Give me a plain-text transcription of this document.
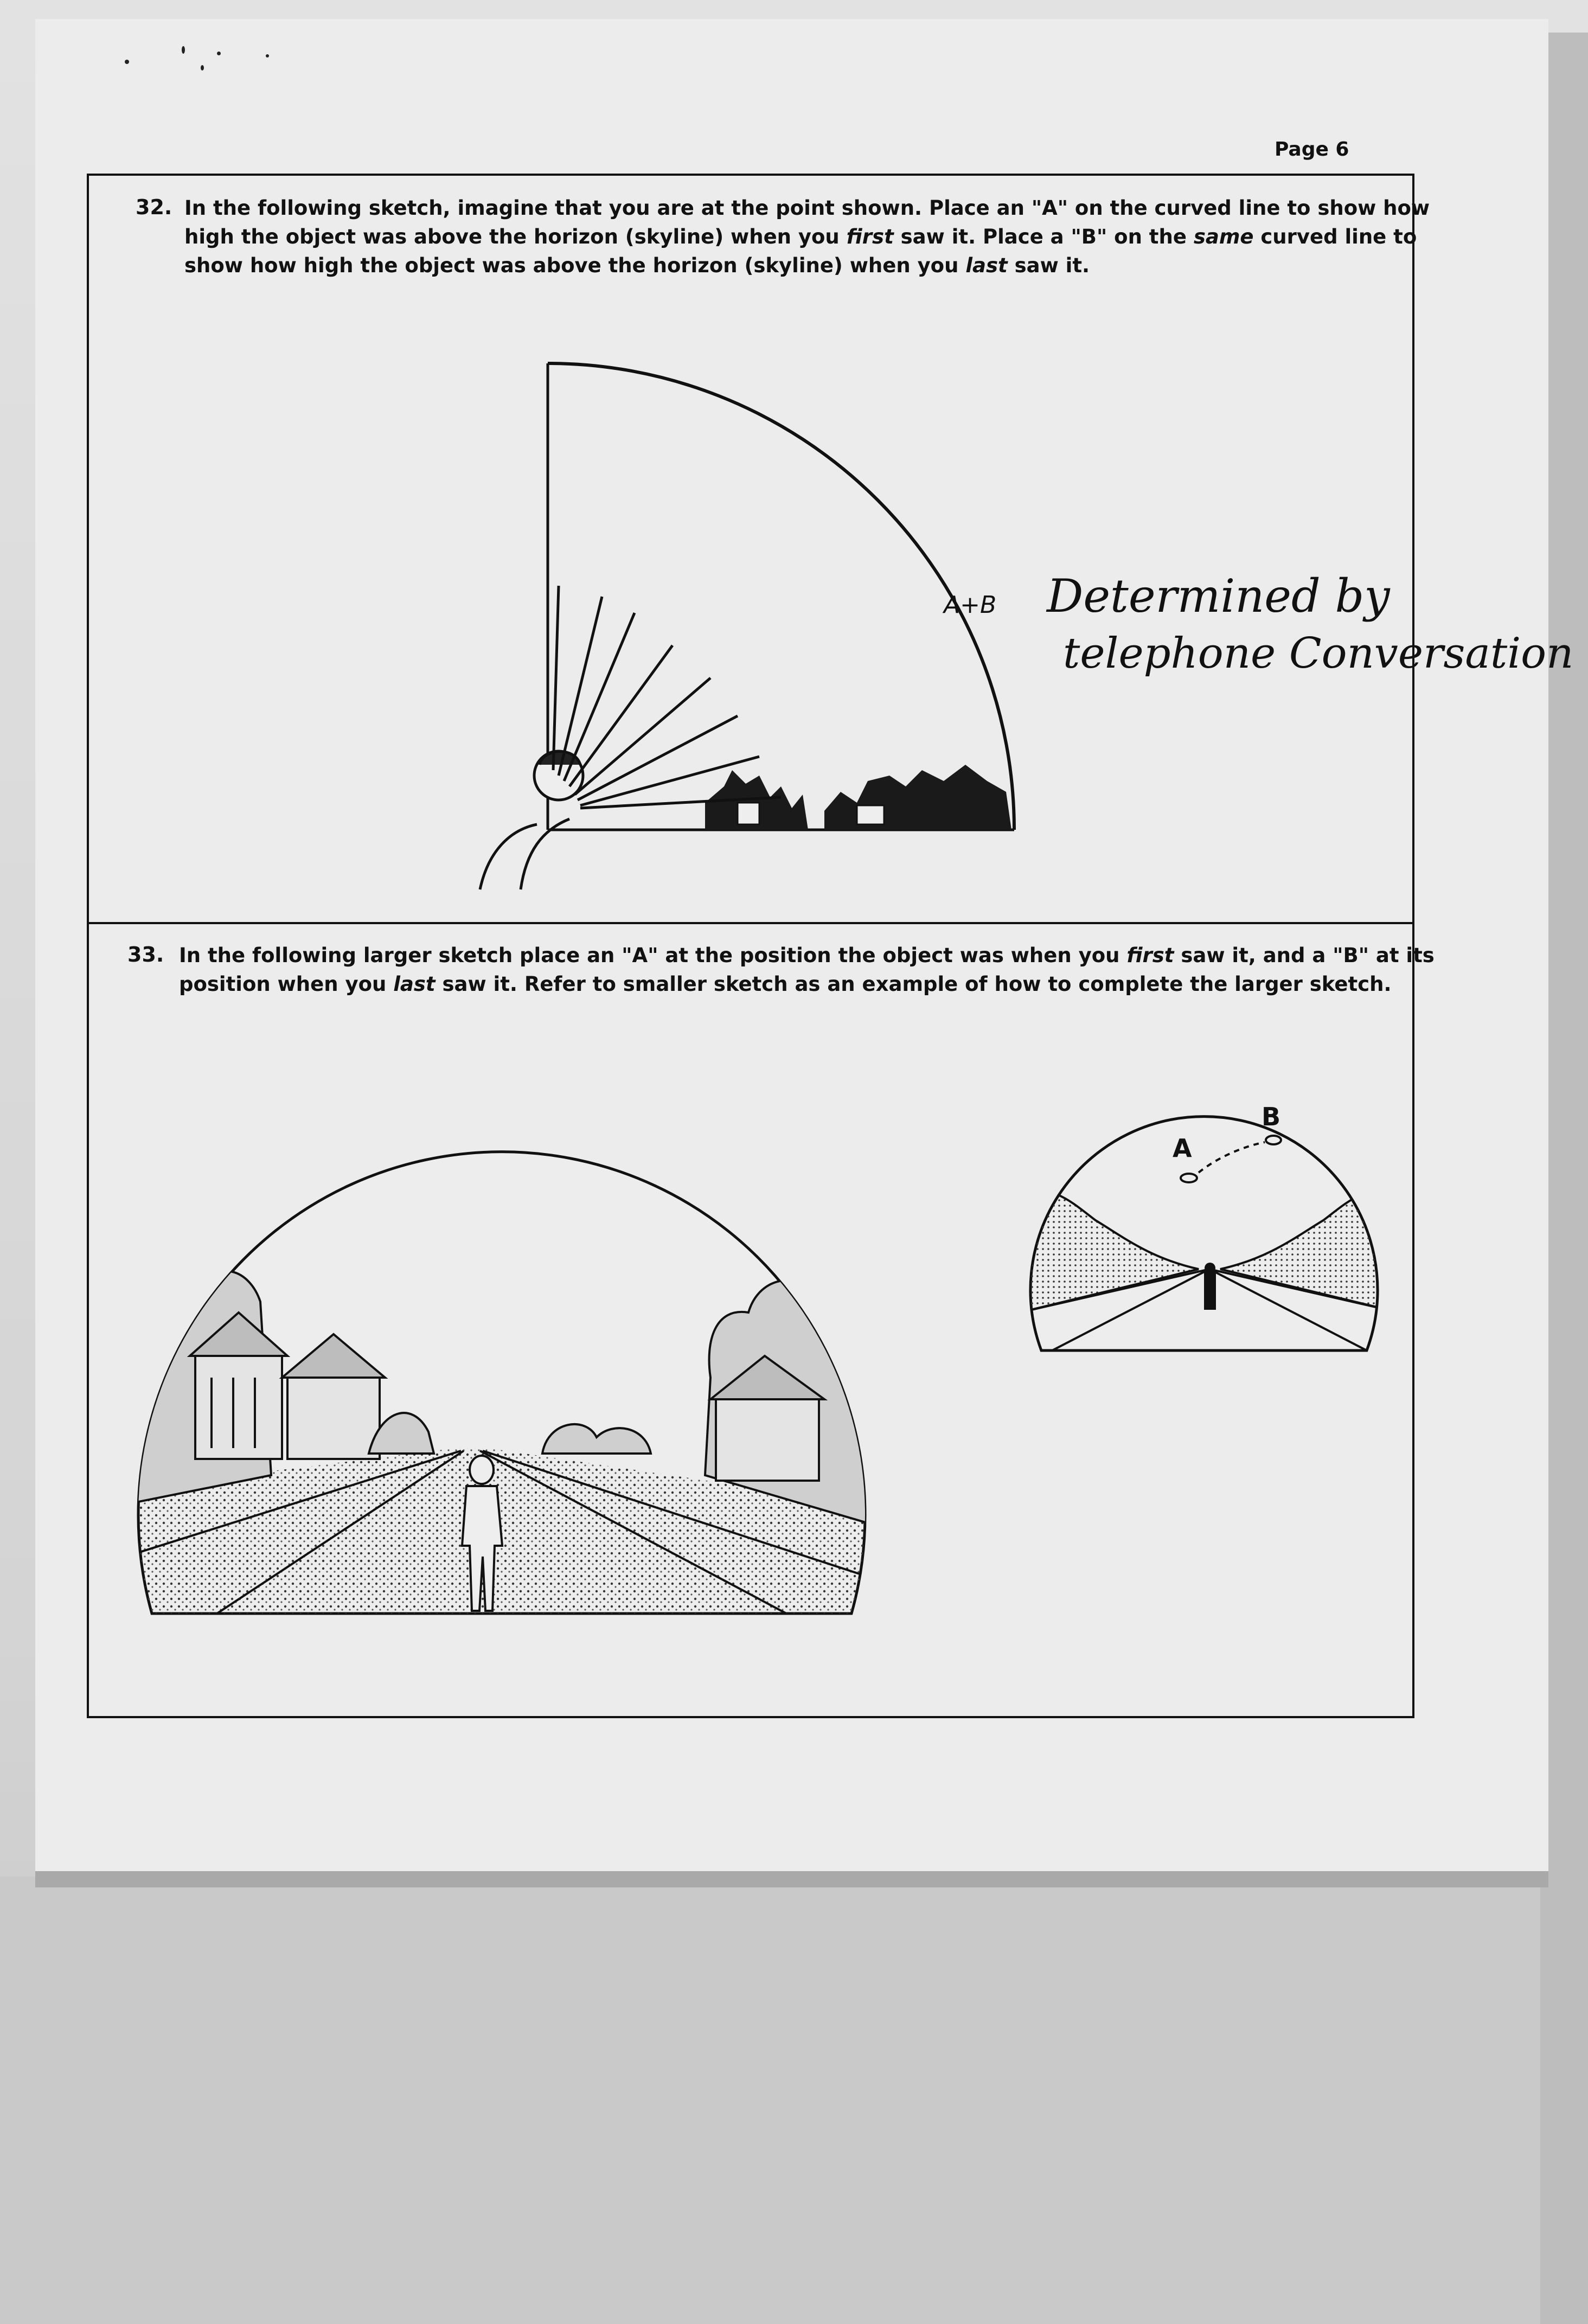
Page 6
32. In the following sketch, imagine that you are at the point shown. Place an "A" on the curved line to show how
high the object was above the horizon (skyline) when you first saw it. Place a "B" on the same curved line to
show how high the object was above the horizon (skyline) when you last saw it.
A+B Determined by
telephone Conversation
33. In the following larger sketch place an "A" at the position the object was when you first saw it, and a "B" at its
position when you last saw it. Refer to smaller sketch as an example of how to complete the larger sketch.
A
B
